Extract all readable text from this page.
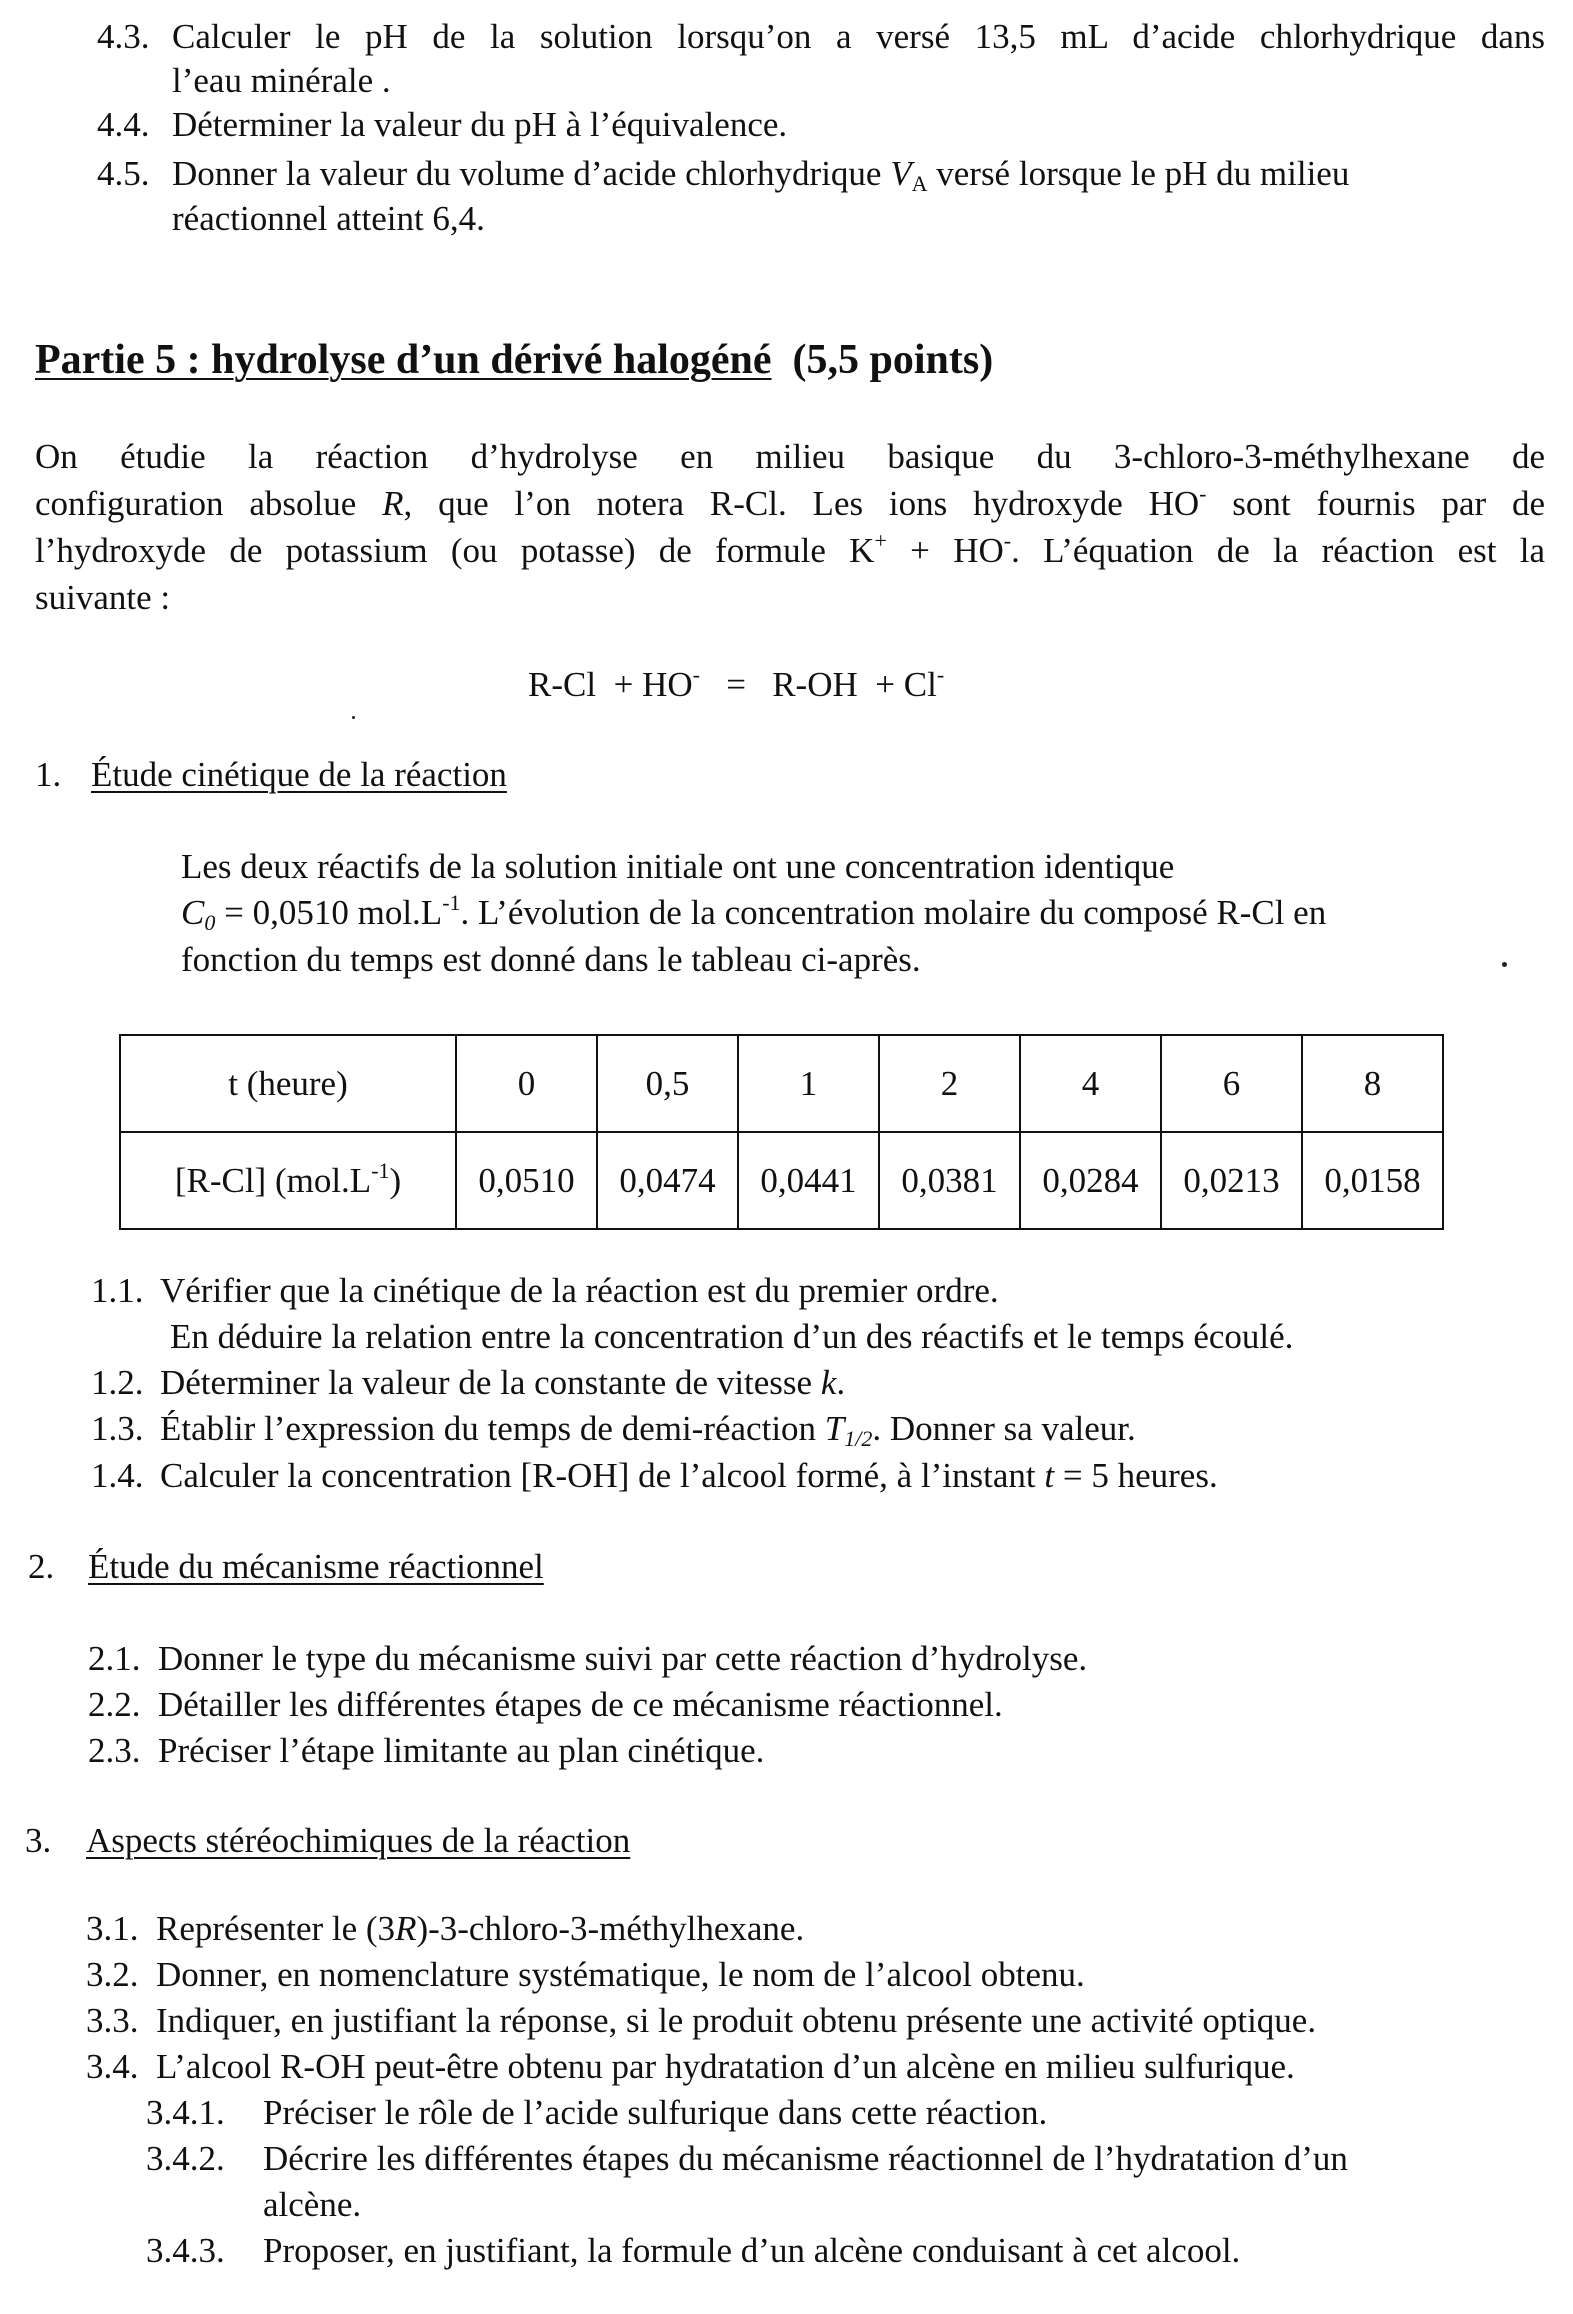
4.3. Calculer le pH de la solution lorsqu’on a versé 13,5 mL d’acide chlorhydrique dans
l’eau minérale .
4.4. Déterminer la valeur du pH à l’équivalence.
4.5. Donner la valeur du volume d’acide chlorhydrique $V_A$ versé lorsque le pH du milieu
réactionnel atteint 6,4.
Partie 5 : hydrolyse d’un dérivé halogéné (5,5 points)
On étudie la réaction d’hydrolyse en milieu basique du 3-chloro-3-méthylhexane de
configuration absolue R, que l’on notera R-Cl. Les ions hydroxyde HO- sont fournis par de
l’hydroxyde de potassium (ou potasse) de formule K+ + HO-. L’équation de la réaction est la
suivante :
R-Cl + HO- = R-OH + Cl-
1. Étude cinétique de la réaction
Les deux réactifs de la solution initiale ont une concentration identique
$C_0 = 0,0510$ $mol.L^{-1}$. L’évolution de la concentration molaire du composé R-Cl en
fonction du temps est donné dans le tableau ci-après.
t (heure)	0	0,5	1	2	4	6	8
[R-Cl] $(mol.L^{-1})$	0,0510	0,0474	0,0441	0,0381	0,0284	0,0213	0,0158
1.1. Vérifier que la cinétique de la réaction est du premier ordre.
En déduire la relation entre la concentration d’un des réactifs et le temps écoulé.
1.2. Déterminer la valeur de la constante de vitesse k.
1.3. Établir l’expression du temps de demi-réaction $T_{1/2}$. Donner sa valeur.
1.4. Calculer la concentration [R-OH] de l’alcool formé, à l’instant t = 5 heures.
2. Étude du mécanisme réactionnel
2.1. Donner le type du mécanisme suivi par cette réaction d’hydrolyse.
2.2. Détailler les différentes étapes de ce mécanisme réactionnel.
2.3. Préciser l’étape limitante au plan cinétique.
3. Aspects stéréochimiques de la réaction
3.1. Représenter le (3R)-3-chloro-3-méthylhexane.
3.2. Donner, en nomenclature systématique, le nom de l’alcool obtenu.
3.3. Indiquer, en justifiant la réponse, si le produit obtenu présente une activité optique.
3.4. L’alcool R-OH peut-être obtenu par hydratation d’un alcène en milieu sulfurique.
3.4.1. Préciser le rôle de l’acide sulfurique dans cette réaction.
3.4.2. Décrire les différentes étapes du mécanisme réactionnel de l’hydratation d’un
alcène.
3.4.3. Proposer, en justifiant, la formule d’un alcène conduisant à cet alcool.
